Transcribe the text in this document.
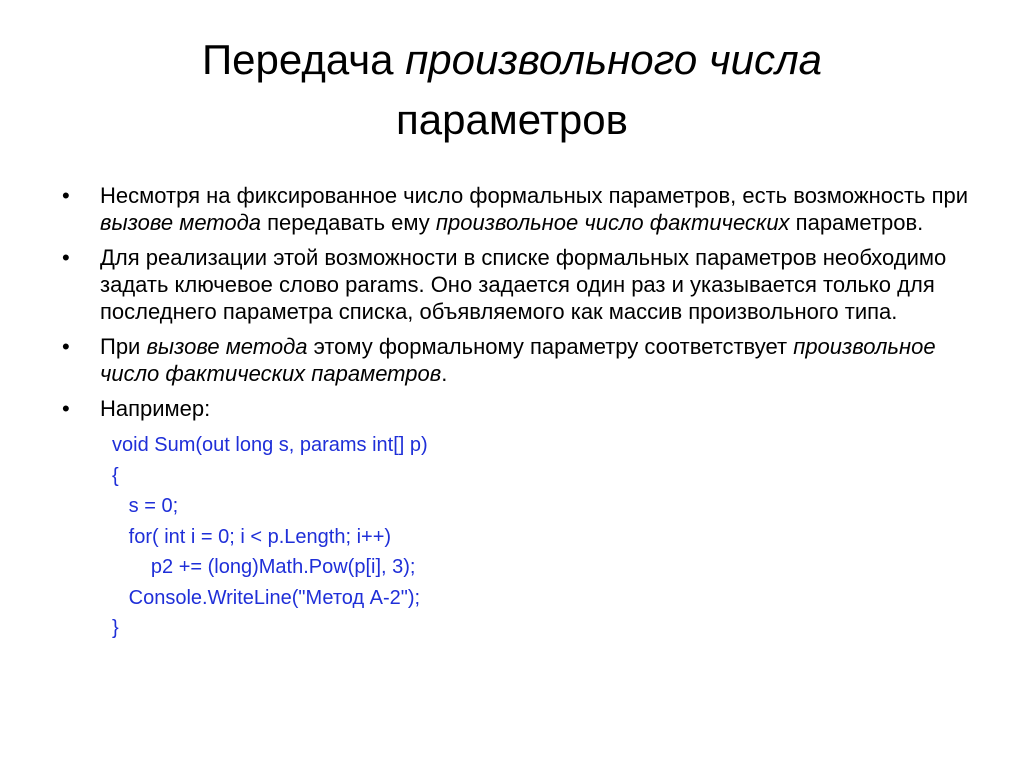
Передача произвольного числа
параметров
•	Несмотря на фиксированное число формальных параметров, есть возможность при вызове метода передавать ему произвольное число фактических параметров.
•	Для реализации этой возможности в списке формальных параметров необходимо задать ключевое слово params. Оно задается один раз и указывается только для последнего параметра списка, объявляемого как массив произвольного типа.
•	При вызове метода этому формальному параметру соответствует произвольное число фактических параметров.
•	Например:
void Sum(out long s, params int[] p)
{
s = 0;
for( int i = 0; i < p.Length; i++)
p2 += (long)Math.Pow(p[i], 3);
Console.WriteLine("Метод A-2");
}
